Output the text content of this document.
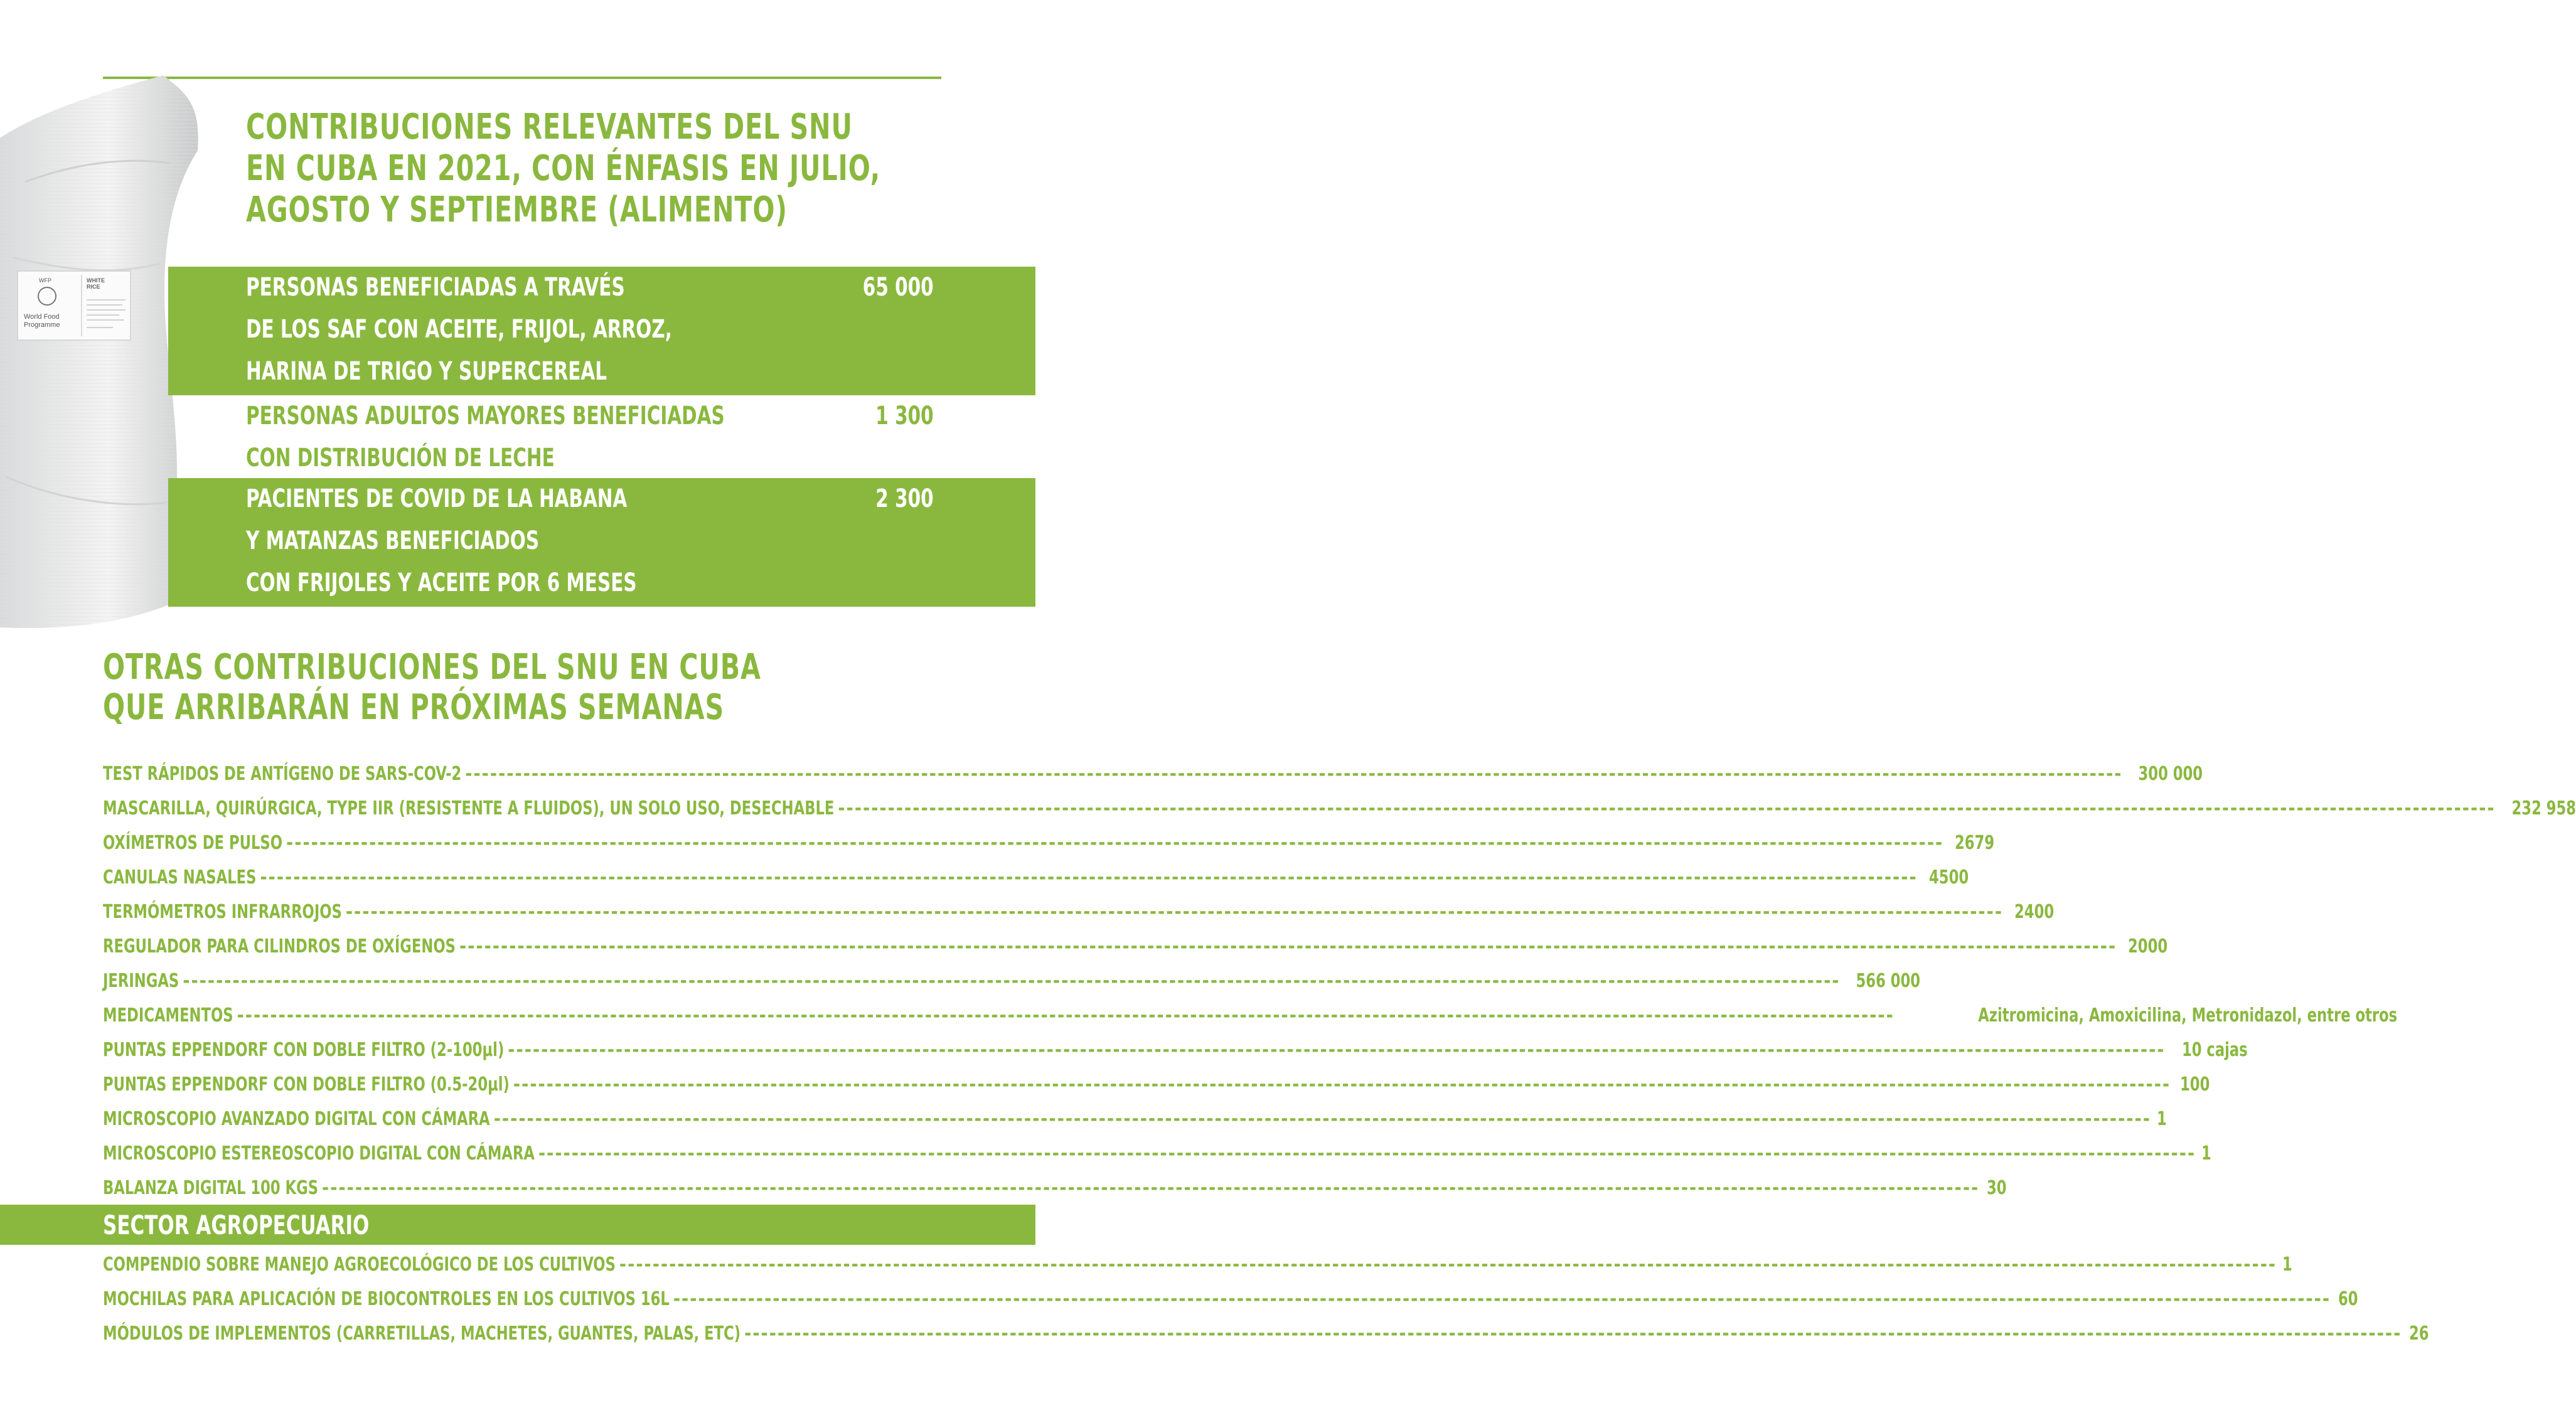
WFP
World Food Programme
WHITE RICE
CONTRIBUCIONES RELEVANTES DEL SNU
EN CUBA EN 2021, CON ÉNFASIS EN JULIO,
AGOSTO Y SEPTIEMBRE (ALIMENTO)
PERSONAS BENEFICIADAS A TRAVÉS
DE LOS SAF CON ACEITE, FRIJOL, ARROZ,
HARINA DE TRIGO Y SUPERCEREAL
65 000
PERSONAS ADULTOS MAYORES BENEFICIADAS
CON DISTRIBUCIÓN DE LECHE
1 300
PACIENTES DE COVID DE LA HABANA
Y MATANZAS BENEFICIADOS
CON FRIJOLES Y ACEITE POR 6 MESES
2 300
OTRAS CONTRIBUCIONES DEL SNU EN CUBA
QUE ARRIBARÁN EN PRÓXIMAS SEMANAS
TEST RÁPIDOS DE ANTÍGENO DE SARS-COV-2 -------------------------------------------------------------------------------------------------------------------------------------------------------------------------------------------------------- 300 000
MASCARILLA, QUIRÚRGICA, TYPE IIR (RESISTENTE A FLUIDOS), UN SOLO USO, DESECHABLE -------------------------------------------------------------------------------------------------------------------------------------------------------------------------------------------------------- 232 958
OXÍMETROS DE PULSO -------------------------------------------------------------------------------------------------------------------------------------------------------------------------------------------------------- 2679
CANULAS NASALES -------------------------------------------------------------------------------------------------------------------------------------------------------------------------------------------------------- 4500
TERMÓMETROS INFRARROJOS -------------------------------------------------------------------------------------------------------------------------------------------------------------------------------------------------------- 2400
REGULADOR PARA CILINDROS DE OXÍGENOS -------------------------------------------------------------------------------------------------------------------------------------------------------------------------------------------------------- 2000
JERINGAS -------------------------------------------------------------------------------------------------------------------------------------------------------------------------------------------------------- 566 000
MEDICAMENTOS --------------------------------------------------------------------------------------------------------------------------------------------------------------------------------------------------------	Azitromicina, Amoxicilina, Metronidazol, entre otros
PUNTAS EPPENDORF CON DOBLE FILTRO (2-100µl) -------------------------------------------------------------------------------------------------------------------------------------------------------------------------------------------------------- 10 cajas
PUNTAS EPPENDORF CON DOBLE FILTRO (0.5-20µl) -------------------------------------------------------------------------------------------------------------------------------------------------------------------------------------------------------- 100
MICROSCOPIO AVANZADO DIGITAL CON CÁMARA -------------------------------------------------------------------------------------------------------------------------------------------------------------------------------------------------------- 1
MICROSCOPIO ESTEREOSCOPIO DIGITAL CON CÁMARA -------------------------------------------------------------------------------------------------------------------------------------------------------------------------------------------------------- 1
BALANZA DIGITAL 100 KGS -------------------------------------------------------------------------------------------------------------------------------------------------------------------------------------------------------- 30
SECTOR AGROPECUARIO
COMPENDIO SOBRE MANEJO AGROECOLÓGICO DE LOS CULTIVOS -------------------------------------------------------------------------------------------------------------------------------------------------------------------------------------------------------- 1
MOCHILAS PARA APLICACIÓN DE BIOCONTROLES EN LOS CULTIVOS 16L -------------------------------------------------------------------------------------------------------------------------------------------------------------------------------------------------------- 60
MÓDULOS DE IMPLEMENTOS (CARRETILLAS, MACHETES, GUANTES, PALAS, ETC) -------------------------------------------------------------------------------------------------------------------------------------------------------------------------------------------------------- 26
